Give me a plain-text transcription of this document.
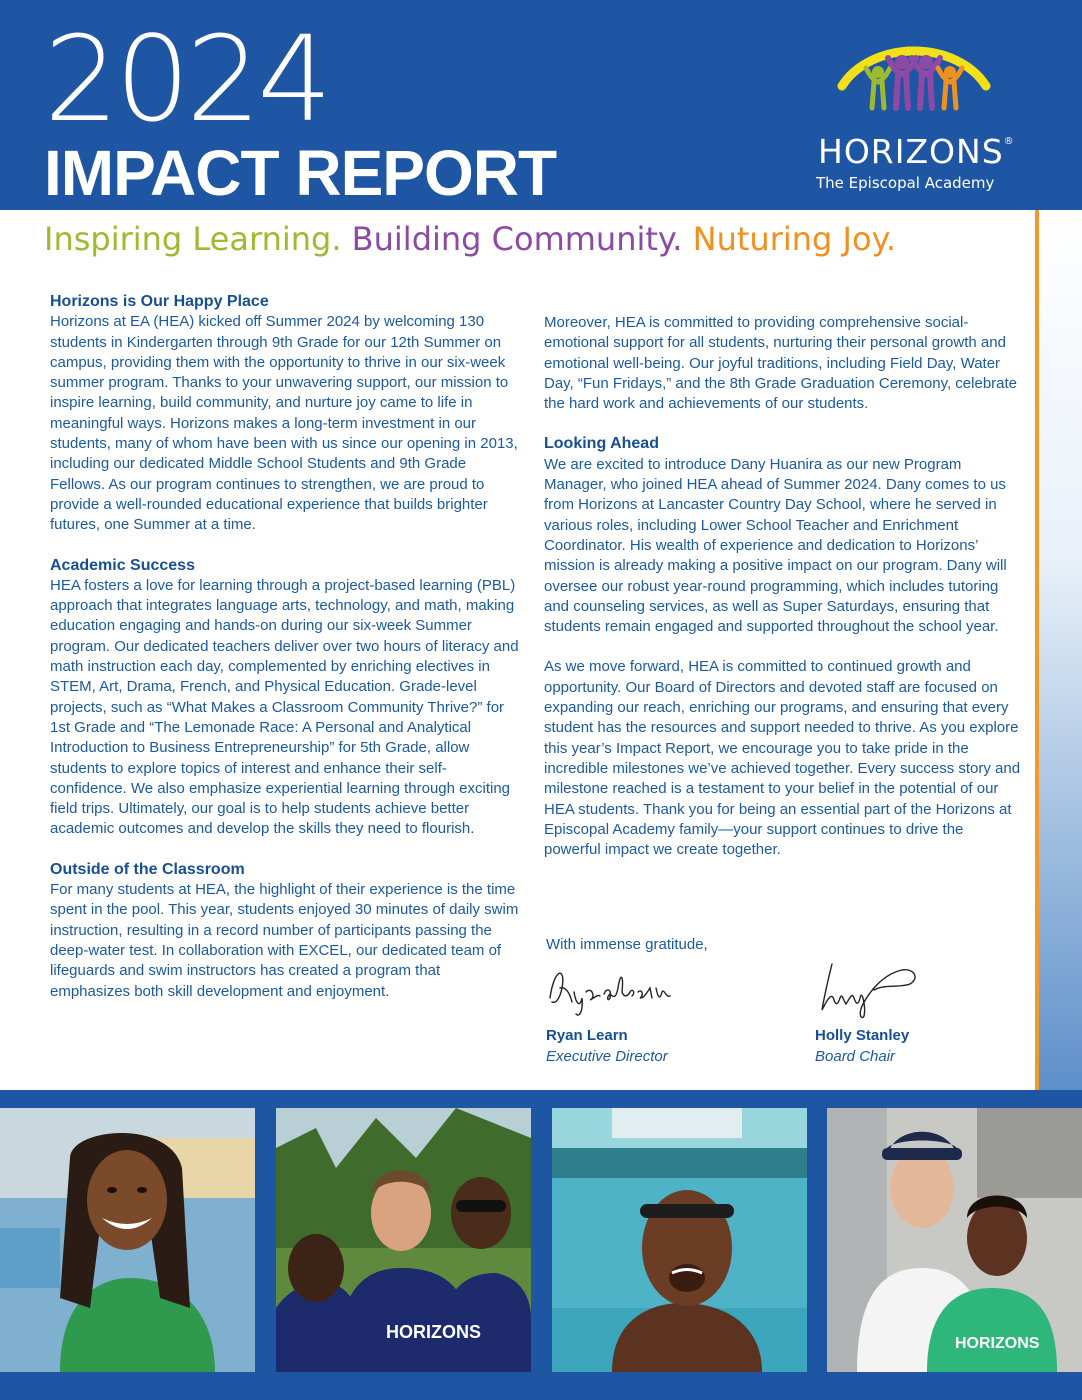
2024
IMPACT REPORT	HORIZONS®
The Episcopal Academy
Inspiring Learning. Building Community. Nuturing Joy.
Horizons is Our Happy Place

Horizons at EA (HEA) kicked off Summer 2024 by welcoming 130 students in Kindergarten through 9th Grade for our 12th Summer on campus, providing them with the opportunity to thrive in our six-week summer program. Thanks to your unwavering support, our mission to inspire learning, build community, and nurture joy came to life in meaningful ways. Horizons makes a long-term investment in our students, many of whom have been with us since our opening in 2013, including our dedicated Middle School Students and 9th Grade Fellows. As our program continues to strengthen, we are proud to provide a well-rounded educational experience that builds brighter futures, one Summer at a time.

Academic Success

HEA fosters a love for learning through a project-based learning (PBL) approach that integrates language arts, technology, and math, making education engaging and hands-on during our six-week Summer program. Our dedicated teachers deliver over two hours of literacy and math instruction each day, complemented by enriching electives in STEM, Art, Drama, French, and Physical Education. Grade-level projects, such as “What Makes a Classroom Community Thrive?” for 1st Grade and “The Lemonade Race: A Personal and Analytical Introduction to Business Entrepreneurship” for 5th Grade, allow students to explore topics of interest and enhance their self-confidence. We also emphasize experiential learning through exciting field trips. Ultimately, our goal is to help students achieve better academic outcomes and develop the skills they need to flourish.

Outside of the Classroom

For many students at HEA, the highlight of their experience is the time spent in the pool. This year, students enjoyed 30 minutes of daily swim instruction, resulting in a record number of participants passing the deep-water test. In collaboration with EXCEL, our dedicated team of lifeguards and swim instructors has created a program that emphasizes both skill development and enjoyment.

Moreover, HEA is committed to providing comprehensive social-emotional support for all students, nurturing their personal growth and emotional well-being. Our joyful traditions, including Field Day, Water Day, “Fun Fridays,” and the 8th Grade Graduation Ceremony, celebrate the hard work and achievements of our students.

Looking Ahead

We are excited to introduce Dany Huanira as our new Program Manager, who joined HEA ahead of Summer 2024. Dany comes to us from Horizons at Lancaster Country Day School, where he served in various roles, including Lower School Teacher and Enrichment Coordinator. His wealth of experience and dedication to Horizons’ mission is already making a positive impact on our program. Dany will oversee our robust year-round programming, which includes tutoring and counseling services, as well as Super Saturdays, ensuring that students remain engaged and supported throughout the school year.

As we move forward, HEA is committed to continued growth and opportunity. Our Board of Directors and devoted staff are focused on expanding our reach, enriching our programs, and ensuring that every student has the resources and support needed to thrive. As you explore this year’s Impact Report, we encourage you to take pride in the incredible milestones we’ve achieved together. Every success story and milestone reached is a testament to your belief in the potential of our HEA students. Thank you for being an essential part of the Horizons at Episcopal Academy family—your support continues to drive the powerful impact we create together.

With immense gratitude,
Ryan Learn
Executive Director
Holly Stanley
Board Chair
HORIZONS
HORIZONS
